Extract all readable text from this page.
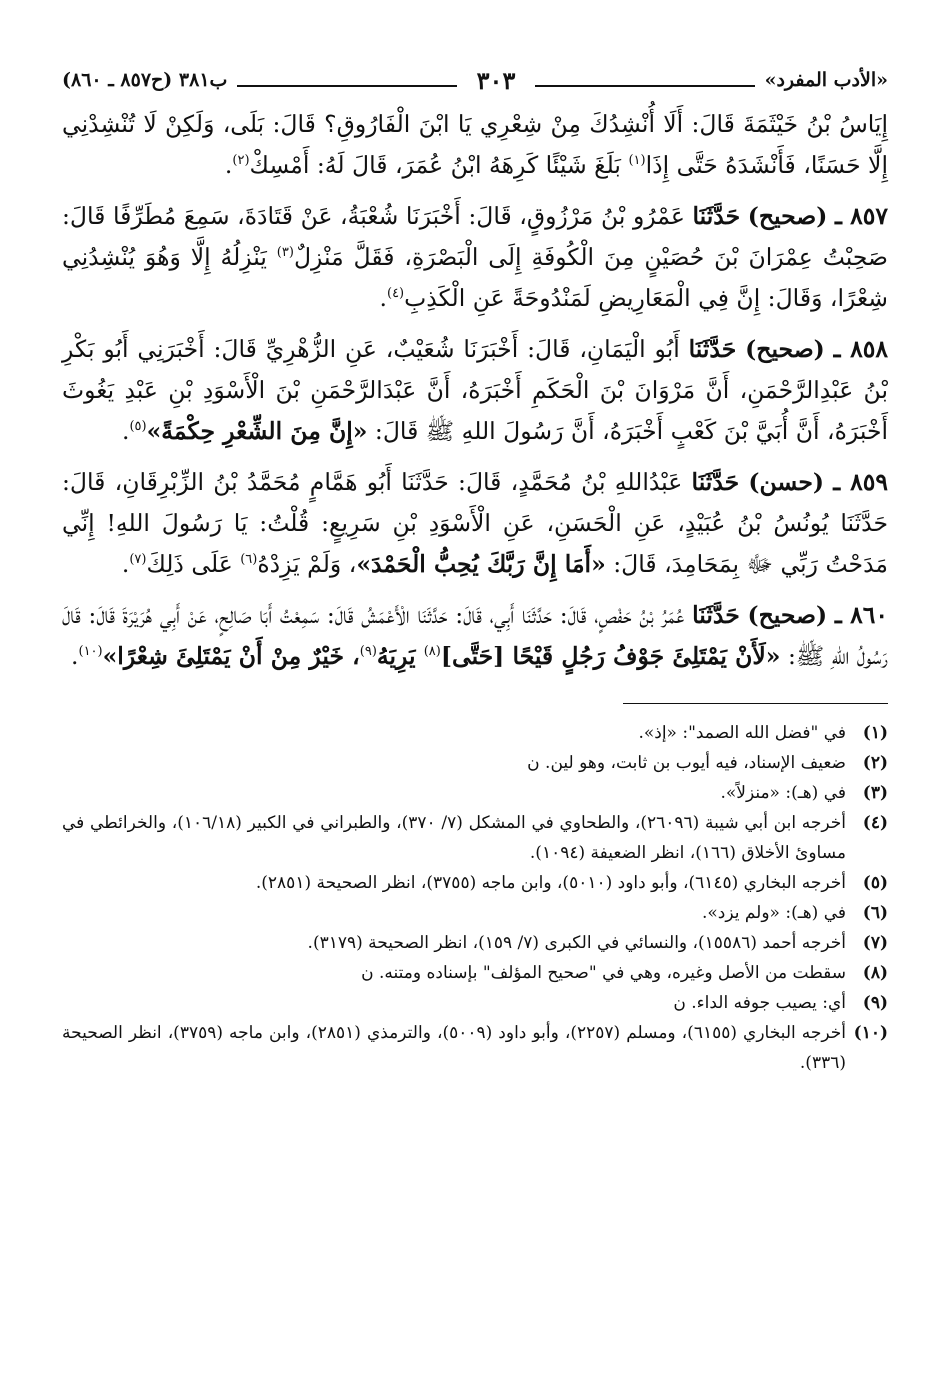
«الأدب المفرد»
٣٠٣
ب٣٨١ (ح٨٥٧ ـ ٨٦٠)

إِيَاسُ بْنُ خَيْثَمَةَ قَالَ: أَلَا أُنْشِدُكَ مِنْ شِعْرِي يَا ابْنَ الْفَارُوقِ؟ قَالَ: بَلَى، وَلَكِنْ لَا تُنْشِدْنِي إِلَّا حَسَنًا، فَأَنْشَدَهُ حَتَّى إِذَا$^{(١)}$ بَلَغَ شَيْئًا كَرِهَهُ ابْنُ عُمَرَ، قَالَ لَهُ: أَمْسِكْ$^{(٢)}$.

٨٥٧ ـ (صحيح) حَدَّثَنَا عَمْرُو بْنُ مَرْزُوقٍ، قَالَ: أَخْبَرَنَا شُعْبَةُ، عَنْ قَتَادَةَ، سَمِعَ مُطَرِّفًا قَالَ: صَحِبْتُ عِمْرَانَ بْنَ حُصَيْنٍ مِنَ الْكُوفَةِ إِلَى الْبَصْرَةِ، فَقَلَّ مَنْزِلٌ$^{(٣)}$ يَنْزِلُهُ إِلَّا وَهُوَ يُنْشِدُنِي شِعْرًا، وَقَالَ: إِنَّ فِي الْمَعَارِيضِ لَمَنْدُوحَةً عَنِ الْكَذِبِ$^{(٤)}$.

٨٥٨ ـ (صحيح) حَدَّثَنَا أَبُو الْيَمَانِ، قَالَ: أَخْبَرَنَا شُعَيْبٌ، عَنِ الزُّهْرِيِّ قَالَ: أَخْبَرَنِي أَبُو بَكْرِ بْنُ عَبْدِالرَّحْمَنِ، أَنَّ مَرْوَانَ بْنَ الْحَكَمِ أَخْبَرَهُ، أَنَّ عَبْدَالرَّحْمَنِ بْنَ الْأَسْوَدِ بْنِ عَبْدِ يَغُوثَ أَخْبَرَهُ، أَنَّ أُبَيَّ بْنَ كَعْبٍ أَخْبَرَهُ، أَنَّ رَسُولَ اللهِ ﷺ قَالَ: «إِنَّ مِنَ الشِّعْرِ حِكْمَةً»$^{(٥)}$.

٨٥٩ ـ (حسن) حَدَّثَنَا عَبْدُاللهِ بْنُ مُحَمَّدٍ، قَالَ: حَدَّثَنَا أَبُو هَمَّامٍ مُحَمَّدُ بْنُ الزِّبْرِقَانِ، قَالَ: حَدَّثَنَا يُونُسُ بْنُ عُبَيْدٍ، عَنِ الْحَسَنِ، عَنِ الْأَسْوَدِ بْنِ سَرِيعٍ: قُلْتُ: يَا رَسُولَ اللهِ! إِنِّي مَدَحْتُ رَبِّي ﷻ بِمَحَامِدَ، قَالَ: «أَمَا إِنَّ رَبَّكَ يُحِبُّ الْحَمْدَ»، وَلَمْ يَزِدْهُ$^{(٦)}$ عَلَى ذَلِكَ$^{(٧)}$.

٨٦٠ ـ (صحيح) حَدَّثَنَا عُمَرُ بْنُ حَفْصٍ، قَالَ: حَدَّثَنَا أَبِي، قَالَ: حَدَّثَنَا الْأَعْمَشُ قَالَ: سَمِعْتُ أَبَا صَالِحٍ، عَنْ أَبِي هُرَيْرَةَ قَالَ: قَالَ رَسُولُ اللهِ ﷺ: «لَأَنْ يَمْتَلِئَ جَوْفُ رَجُلٍ قَيْحًا [حَتَّى]$^{(٨)}$ يَرِيَهُ$^{(٩)}$، خَيْرٌ مِنْ أَنْ يَمْتَلِئَ شِعْرًا»$^{(١٠)}$.

(١)
في "فضل الله الصمد": «إذ».
(٢)
ضعيف الإسناد، فيه أيوب بن ثابت، وهو لين. ن
(٣)
في (هـ): «منزلاً».
(٤)
أخرجه ابن أبي شيبة (٢٦٠٩٦)، والطحاوي في المشكل (٧/ ٣٧٠)، والطبراني في الكبير (١٠٦/١٨)، والخرائطي في مساوئ الأخلاق (١٦٦)، انظر الضعيفة (١٠٩٤).
(٥)
أخرجه البخاري (٦١٤٥)، وأبو داود (٥٠١٠)، وابن ماجه (٣٧٥٥)، انظر الصحيحة (٢٨٥١).
(٦)
في (هـ): «ولم يزد».
(٧)
أخرجه أحمد (١٥٥٨٦)، والنسائي في الكبرى (٧/ ١٥٩)، انظر الصحيحة (٣١٧٩).
(٨)
سقطت من الأصل وغيره، وهي في "صحيح المؤلف" بإسناده ومتنه. ن
(٩)
أي: يصيب جوفه الداء. ن
(١٠)
أخرجه البخاري (٦١٥٥)، ومسلم (٢٢٥٧)، وأبو داود (٥٠٠٩)، والترمذي (٢٨٥١)، وابن ماجه (٣٧٥٩)، انظر الصحيحة (٣٣٦).
